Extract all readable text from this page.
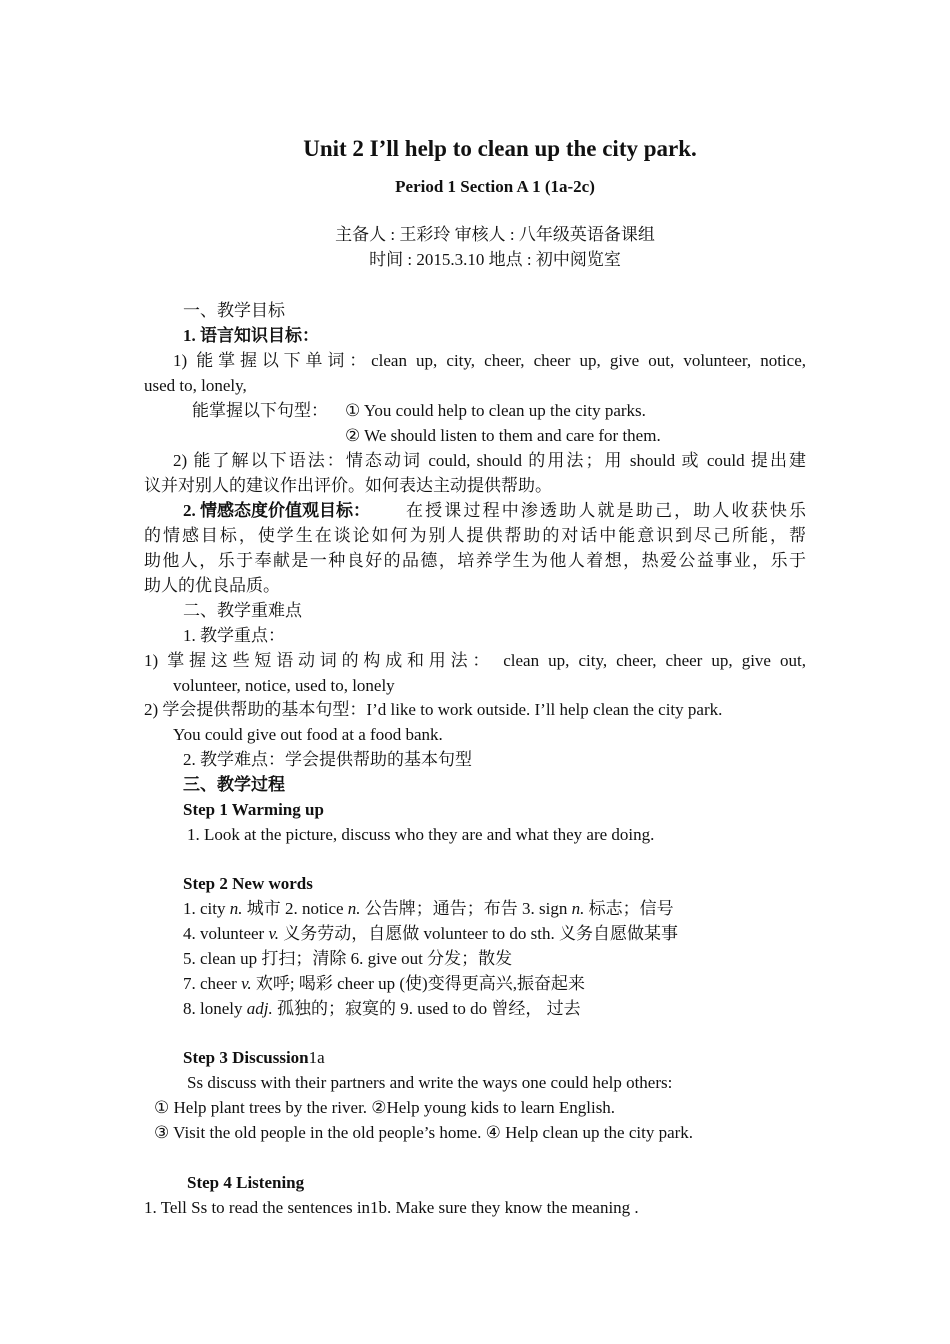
Unit 2 I’ll help to clean up the city park.
Period 1 Section A 1 (1a-2c)
主备人 : 王彩玲 审核人 : 八年级英语备课组
时间 : 2015.3.10 地点 : 初中阅览室
一、教学目标
1. 语言知识目标：
1) 能掌握以下单词：clean up, city, cheer, cheer up, give out, volunteer, notice,
used to, lonely,
能掌握以下句型： ① You could help to clean up the city parks.
② We should listen to them and care for them.
2) 能了解以下语法：情态动词 could, should 的用法；用 should 或 could 提出建
议并对别人的建议作出评价。如何表达主动提供帮助。
2. 情感态度价值观目标： 在授课过程中渗透助人就是助己，助人收获快乐
的情感目标，使学生在谈论如何为别人提供帮助的对话中能意识到尽己所能，帮
助他人，乐于奉献是一种良好的品德，培养学生为他人着想，热爱公益事业，乐于
助人的优良品质。
二、教学重难点
1. 教学重点：
1) 掌握这些短语动词的构成和用法： clean up, city, cheer, cheer up, give out,
volunteer, notice, used to, lonely
2) 学会提供帮助的基本句型：I’d like to work outside. I’ll help clean the city park.
You could give out food at a food bank.
2. 教学难点：学会提供帮助的基本句型
三、教学过程
Step 1 Warming up
1. Look at the picture, discuss who they are and what they are doing.
Step 2 New words
1. city n. 城市 2. notice n. 公告牌；通告；布告 3. sign n. 标志；信号
4. volunteer v. 义务劳动，自愿做 volunteer to do sth. 义务自愿做某事
5. clean up 打扫；清除 6. give out 分发；散发
7. cheer v. 欢呼; 喝彩 cheer up (使)变得更高兴,振奋起来
8. lonely adj. 孤独的；寂寞的 9. used to do 曾经， 过去
Step 3 Discussion1a
Ss discuss with their partners and write the ways one could help others:
① Help plant trees by the river. ②Help young kids to learn English.
③ Visit the old people in the old people’s home. ④ Help clean up the city park.
Step 4 Listening
1. Tell Ss to read the sentences in1b. Make sure they know the meaning .
